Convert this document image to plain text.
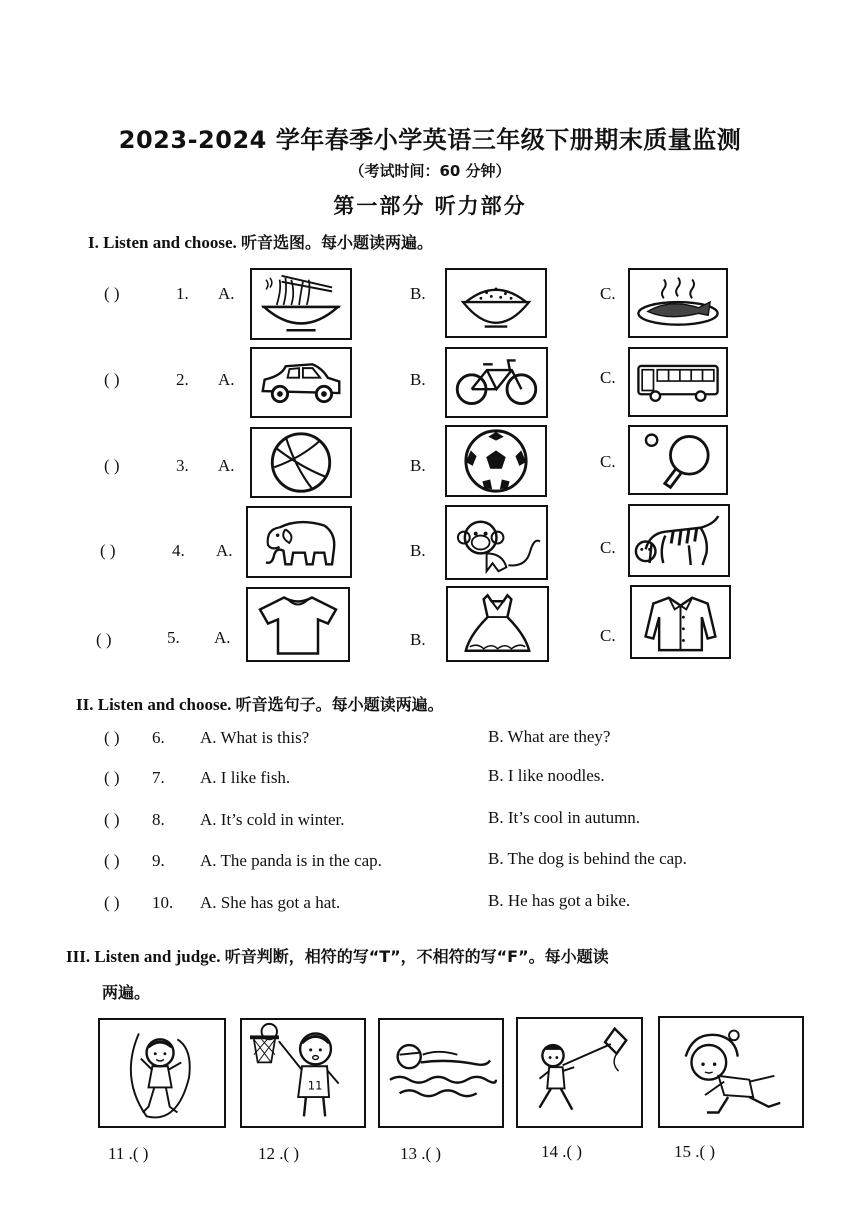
2023-2024 学年春季小学英语三年级下册期末质量监测
（考试时间：60 分钟）
第一部分 听力部分
I. Listen and choose. 听音选图。每小题读两遍。
( )	1. A.	B.	C.
( )	2. A.	B.	C.
( )	3. A.	B.	C.
( )	4. A.	B.	C.
( )	5. A.	B.	C.
II. Listen and choose. 听音选句子。每小题读两遍。
( ) 6. A. What is this?	B. What are they?
( ) 7. A. I like fish.	B. I like noodles.
( ) 8. A. It’s cold in winter.	B. It’s cool in autumn.
( ) 9. A. The panda is in the cap.	B. The dog is behind the cap.
( ) 10. A. She has got a hat.	B. He has got a bike.
III. Listen and judge. 听音判断，相符的写“T”，不相符的写“F”。每小题读
两遍。
11
11 .( )	12 .( )	13 .( )	14 .( )	15 .( )
